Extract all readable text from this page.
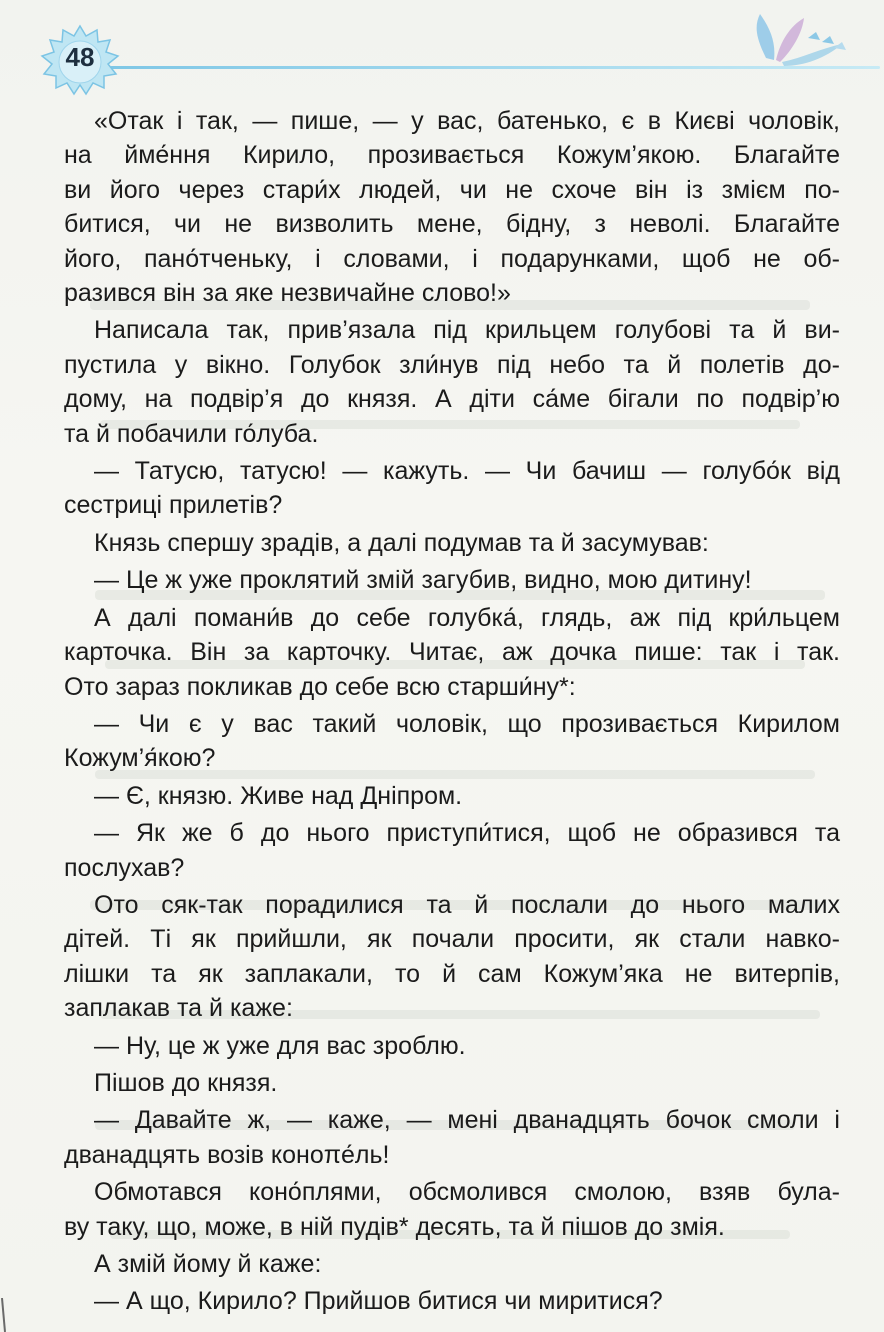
48
«Отак і так, — пише, — у вас, батенько, є в Києві чоловік,
на йме́ння Кирило, прозивається Кожум’якою. Благайте
ви його через стари́х людей, чи не схоче він із змієм по-
битися, чи не визволить мене, бідну, з неволі. Благайте
його, пано́тченьку, і словами, і подарунками, щоб не об-
разився він за яке незвичайне слово!»
Написала так, прив’язала під крильцем голубові та й ви-
пустила у вікно. Голубок зли́нув під небо та й полетів до-
дому, на подвір’я до князя. А діти са́ме бігали по подвір’ю
та й побачили го́луба.
— Татусю, татусю! — кажуть. — Чи бачиш — голубо́к від
сестриці прилетів?
Князь спершу зрадів, а далі подумав та й засумував:
— Це ж уже проклятий змій загубив, видно, мою дитину!
А далі помани́в до себе голубка́, глядь, аж під кри́льцем
карточка. Він за карточку. Читає, аж дочка пише: так і так.
Ото зараз покликав до себе всю старши́ну*:
— Чи є у вас такий чоловік, що прозивається Кирилом
Кожум’я́кою?
— Є, князю. Живе над Дніпром.
— Як же б до нього приступи́тися, щоб не образився та
послухав?
Ото сяк-так порадилися та й послали до нього малих
дітей. Ті як прийшли, як почали просити, як стали навко-
лішки та як заплакали, то й сам Кожум’яка не витерпів,
заплакав та й каже:
— Ну, це ж уже для вас зроблю.
Пішов до князя.
— Давайте ж, — каже, — мені дванадцять бочок смоли і
дванадцять возів коноπе́ль!
Обмотався коно́плями, обсмолився смолою, взяв була-
ву таку, що, може, в ній пудів* десять, та й пішов до змія.
А змій йому й каже:
— А що, Кирило? Прийшов битися чи миритися?
